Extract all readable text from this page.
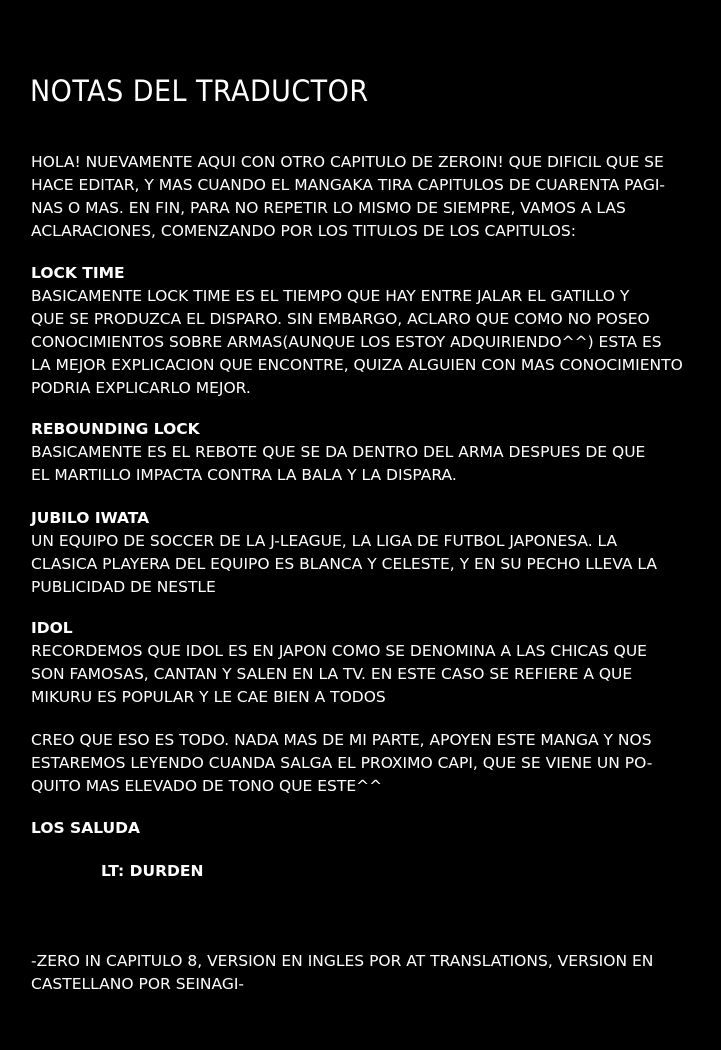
NOTAS DEL TRADUCTOR
HOLA! NUEVAMENTE AQUI CON OTRO CAPITULO DE ZEROIN! QUE DIFICIL QUE SE
HACE EDITAR, Y MAS CUANDO EL MANGAKA TIRA CAPITULOS DE CUARENTA PAGI-
NAS O MAS. EN FIN, PARA NO REPETIR LO MISMO DE SIEMPRE, VAMOS A LAS
ACLARACIONES, COMENZANDO POR LOS TITULOS DE LOS CAPITULOS:
LOCK TIME
BASICAMENTE LOCK TIME ES EL TIEMPO QUE HAY ENTRE JALAR EL GATILLO Y
QUE SE PRODUZCA EL DISPARO. SIN EMBARGO, ACLARO QUE COMO NO POSEO
CONOCIMIENTOS SOBRE ARMAS(AUNQUE LOS ESTOY ADQUIRIENDO^^) ESTA ES
LA MEJOR EXPLICACION QUE ENCONTRE, QUIZA ALGUIEN CON MAS CONOCIMIENTO
PODRIA EXPLICARLO MEJOR.
REBOUNDING LOCK
BASICAMENTE ES EL REBOTE QUE SE DA DENTRO DEL ARMA DESPUES DE QUE
EL MARTILLO IMPACTA CONTRA LA BALA Y LA DISPARA.
JUBILO IWATA
UN EQUIPO DE SOCCER DE LA J-LEAGUE, LA LIGA DE FUTBOL JAPONESA. LA
CLASICA PLAYERA DEL EQUIPO ES BLANCA Y CELESTE, Y EN SU PECHO LLEVA LA
PUBLICIDAD DE NESTLE
IDOL
RECORDEMOS QUE IDOL ES EN JAPON COMO SE DENOMINA A LAS CHICAS QUE
SON FAMOSAS, CANTAN Y SALEN EN LA TV. EN ESTE CASO SE REFIERE A QUE
MIKURU ES POPULAR Y LE CAE BIEN A TODOS
CREO QUE ESO ES TODO. NADA MAS DE MI PARTE, APOYEN ESTE MANGA Y NOS
ESTAREMOS LEYENDO CUANDA SALGA EL PROXIMO CAPI, QUE SE VIENE UN PO-
QUITO MAS ELEVADO DE TONO QUE ESTE^^
LOS SALUDA
LT: DURDEN
-ZERO IN CAPITULO 8, VERSION EN INGLES POR AT TRANSLATIONS, VERSION EN
CASTELLANO POR SEINAGI-
